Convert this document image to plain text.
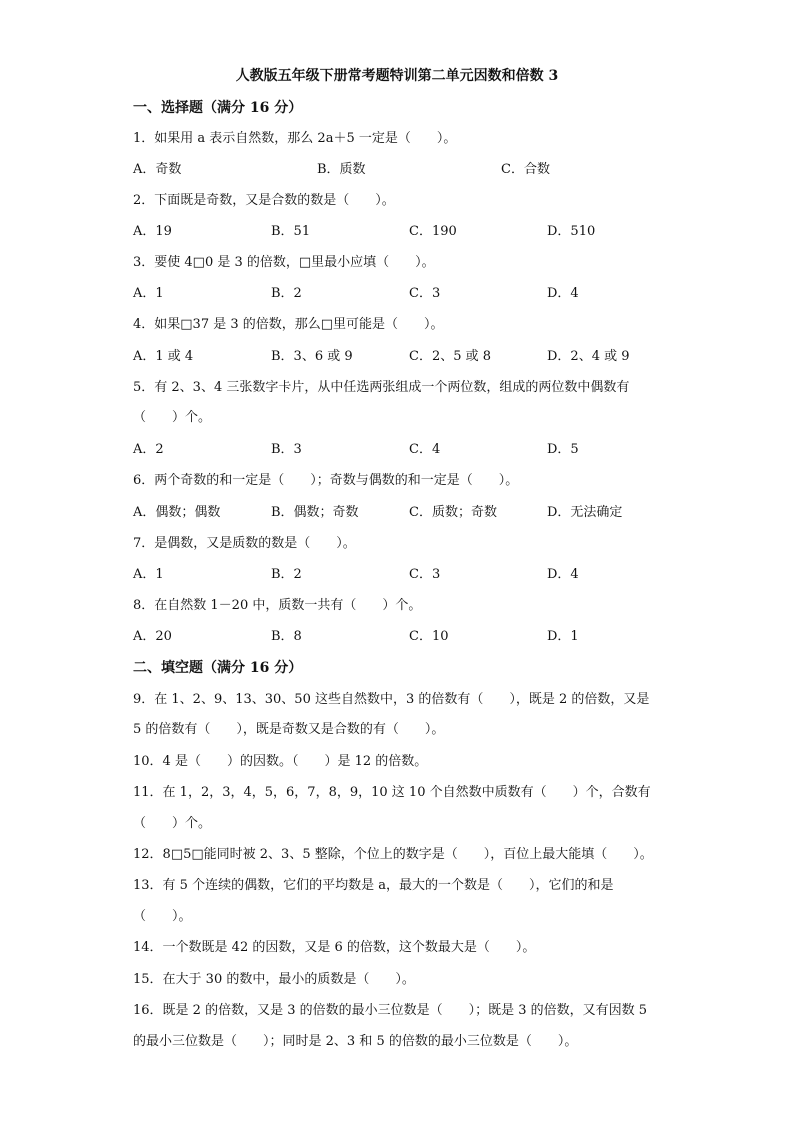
人教版五年级下册常考题特训第二单元因数和倍数 3
一、选择题（满分 16 分）
1．如果用 a 表示自然数，那么 2a＋5 一定是（　　）。
A．奇数	B．质数	C．合数
2．下面既是奇数，又是合数的数是（　　）。
A．19	B．51	C．190	D．510
3．要使 4□0 是 3 的倍数，□里最小应填（　　）。
A．1	B．2	C．3	D．4
4．如果□37 是 3 的倍数，那么□里可能是（　　）。
A．1 或 4	B．3、6 或 9	C．2、5 或 8	D．2、4 或 9
5．有 2、3、4 三张数字卡片，从中任选两张组成一个两位数，组成的两位数中偶数有
（　　）个。
A．2	B．3	C．4	D．5
6．两个奇数的和一定是（　　）；奇数与偶数的和一定是（　　）。
A．偶数；偶数	B．偶数；奇数	C．质数；奇数	D．无法确定
7．是偶数，又是质数的数是（　　）。
A．1	B．2	C．3	D．4
8．在自然数 1－20 中，质数一共有（　　）个。
A．20	B．8	C．10	D．1
二、填空题（满分 16 分）
9．在 1、2、9、13、30、50 这些自然数中，3 的倍数有（　　），既是 2 的倍数，又是
5 的倍数有（　　），既是奇数又是合数的有（　　）。
10．4 是（　　）的因数。（　　）是 12 的倍数。
11．在 1，2，3，4，5，6，7，8，9，10 这 10 个自然数中质数有（　　）个，合数有
（　　）个。
12．8□5□能同时被 2、3、5 整除，个位上的数字是（　　），百位上最大能填（　　）。
13．有 5 个连续的偶数，它们的平均数是 a，最大的一个数是（　　），它们的和是
（　　）。
14．一个数既是 42 的因数，又是 6 的倍数，这个数最大是（　　）。
15．在大于 30 的数中，最小的质数是（　　）。
16．既是 2 的倍数，又是 3 的倍数的最小三位数是（　　）；既是 3 的倍数，又有因数 5
的最小三位数是（　　）；同时是 2、3 和 5 的倍数的最小三位数是（　　）。
